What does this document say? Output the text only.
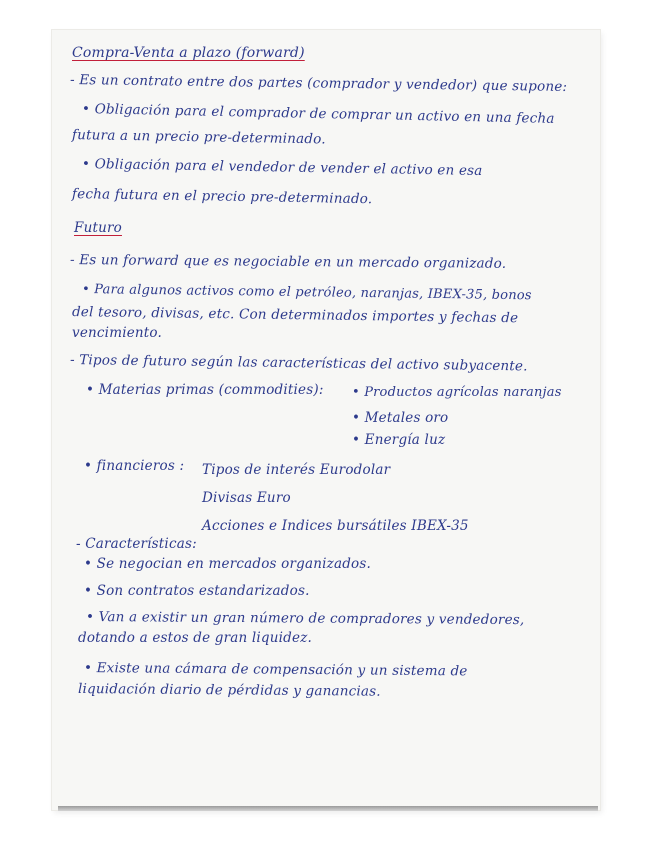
Compra-Venta a plazo (forward)
- Es un contrato entre dos partes (comprador y vendedor) que supone:
• Obligación para el comprador de comprar un activo en una fecha
futura a un precio pre-determinado.
• Obligación para el vendedor de vender el activo en esa
fecha futura en el precio pre-determinado.
Futuro
- Es un forward que es negociable en un mercado organizado.
• Para algunos activos como el petróleo, naranjas, IBEX-35, bonos
del tesoro, divisas, etc. Con determinados importes y fechas de
vencimiento.
- Tipos de futuro según las características del activo subyacente.
• Materias primas (commodities): • Productos agrícolas naranjas
• Metales oro
• Energía luz
• financieros : Tipos de interés Eurodolar
Divisas Euro
Acciones e Indices bursátiles IBEX-35
- Características:
• Se negocian en mercados organizados.
• Son contratos estandarizados.
• Van a existir un gran número de compradores y vendedores,
dotando a estos de gran liquidez.
• Existe una cámara de compensación y un sistema de
liquidación diario de pérdidas y ganancias.
